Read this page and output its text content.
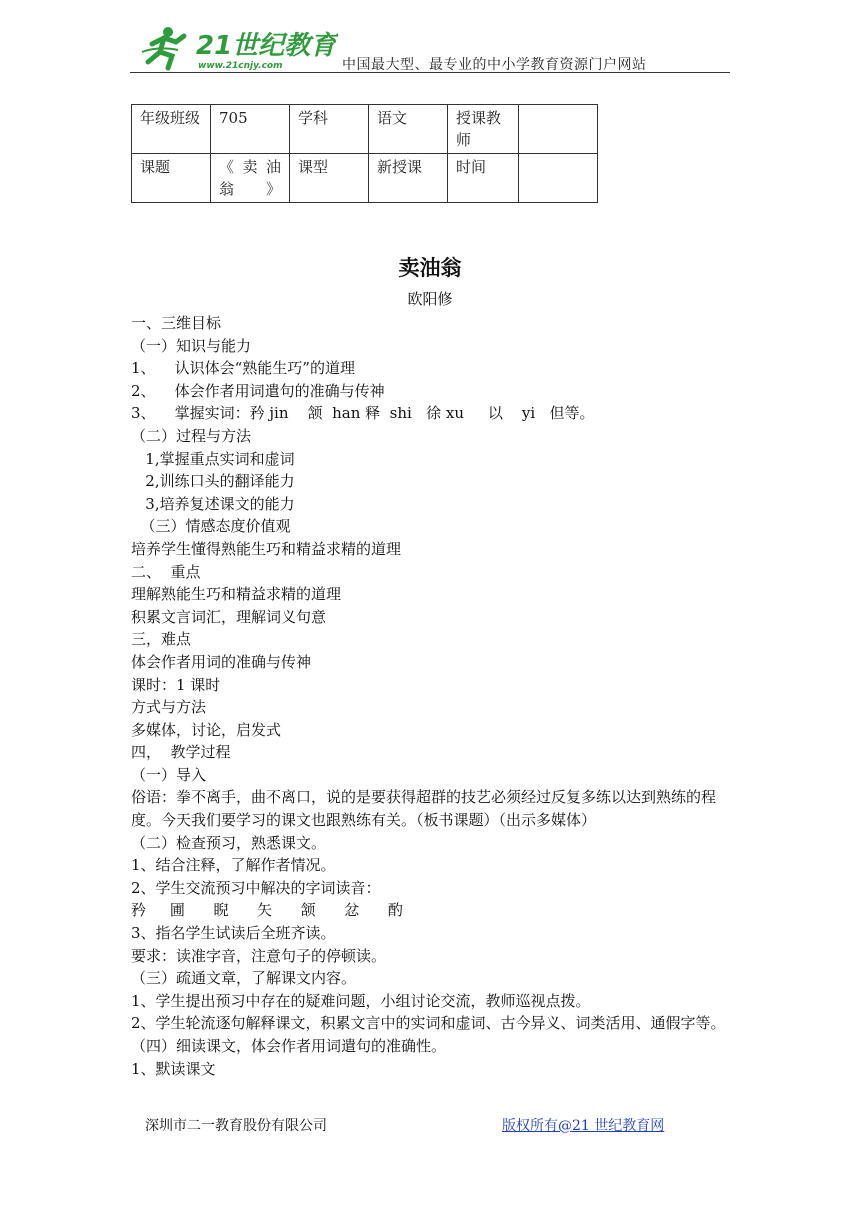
21世纪教育
www.21cnjy.com	中国最大型、最专业的中小学教育资源门户网站
年级班级	705	学科	语文	授课教师	
课题	《卖油翁》	课型	新授课	时间	
卖油翁
欧阳修

一、三维目标

（一）知识与能力

1、    认识体会“熟能生巧”的道理

2、    体会作者用词遣句的准确与传神

3、    掌握实词：矜 jin    颔  han 释  shi   徐 xu     以    yi   但等。

（二）过程与方法

1,掌握重点实词和虚词

2,训练口头的翻译能力

3,培养复述课文的能力

（三）情感态度价值观

培养学生懂得熟能生巧和精益求精的道理

二、  重点

理解熟能生巧和精益求精的道理

积累文言词汇，理解词义句意

三，难点

体会作者用词的准确与传神

课时：1 课时

方式与方法

多媒体，讨论，启发式

四，  教学过程

（一）导入

俗语：拳不离手，曲不离口，说的是要获得超群的技艺必须经过反复多练以达到熟练的程度。今天我们要学习的课文也跟熟练有关。（板书课题）（出示多媒体）

（二）检查预习，熟悉课文。

1、结合注释，了解作者情况。

2、学生交流预习中解决的字词读音：

矜     圃      睨      矢      颔      忿      酌

3、指名学生试读后全班齐读。

要求：读准字音，注意句子的停顿读。

（三）疏通文章，了解课文内容。

1、学生提出预习中存在的疑难问题，小组讨论交流，教师巡视点拨。

2、学生轮流逐句解释课文，积累文言中的实词和虚词、古今异义、词类活用、通假字等。

（四）细读课文，体会作者用词遣句的准确性。

1、默读课文

深圳市二一教育股份有限公司	版权所有@21 世纪教育网
